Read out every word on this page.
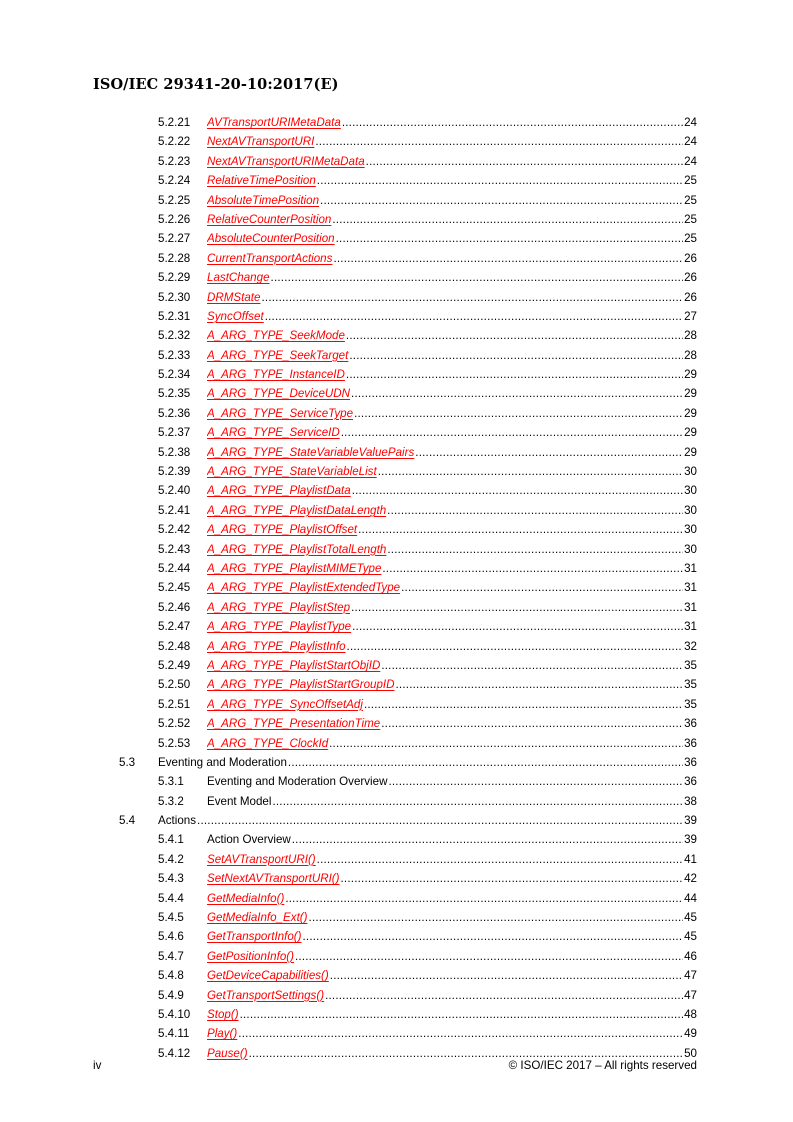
ISO/IEC 29341-20-10:2017(E)
5.2.21 AVTransportURIMetaData .....	24
5.2.22 NextAVTransportURI .....	24
5.2.23 NextAVTransportURIMetaData .....	24
5.2.24 RelativeTimePosition .....	25
5.2.25 AbsoluteTimePosition .....	25
5.2.26 RelativeCounterPosition .....	25
5.2.27 AbsoluteCounterPosition .....	25
5.2.28 CurrentTransportActions .....	26
5.2.29 LastChange .....	26
5.2.30 DRMState .....	26
5.2.31 SyncOffset .....	27
5.2.32 A_ARG_TYPE_SeekMode .....	28
5.2.33 A_ARG_TYPE_SeekTarget .....	28
5.2.34 A_ARG_TYPE_InstanceID .....	29
5.2.35 A_ARG_TYPE_DeviceUDN .....	29
5.2.36 A_ARG_TYPE_ServiceType .....	29
5.2.37 A_ARG_TYPE_ServiceID .....	29
5.2.38 A_ARG_TYPE_StateVariableValuePairs .....	29
5.2.39 A_ARG_TYPE_StateVariableList .....	30
5.2.40 A_ARG_TYPE_PlaylistData .....	30
5.2.41 A_ARG_TYPE_PlaylistDataLength .....	30
5.2.42 A_ARG_TYPE_PlaylistOffset .....	30
5.2.43 A_ARG_TYPE_PlaylistTotalLength .....	30
5.2.44 A_ARG_TYPE_PlaylistMIMEType .....	31
5.2.45 A_ARG_TYPE_PlaylistExtendedType .....	31
5.2.46 A_ARG_TYPE_PlaylistStep .....	31
5.2.47 A_ARG_TYPE_PlaylistType .....	31
5.2.48 A_ARG_TYPE_PlaylistInfo .....	32
5.2.49 A_ARG_TYPE_PlaylistStartObjID .....	35
5.2.50 A_ARG_TYPE_PlaylistStartGroupID .....	35
5.2.51 A_ARG_TYPE_SyncOffsetAdj .....	35
5.2.52 A_ARG_TYPE_PresentationTime .....	36
5.2.53 A_ARG_TYPE_ClockId .....	36
5.3 Eventing and Moderation .....	36
5.3.1 Eventing and Moderation Overview .....	36
5.3.2 Event Model .....	38
5.4 Actions .....	39
5.4.1 Action Overview .....	39
5.4.2 SetAVTransportURI() .....	41
5.4.3 SetNextAVTransportURI() .....	42
5.4.4 GetMediaInfo() .....	44
5.4.5 GetMediaInfo_Ext() .....	45
5.4.6 GetTransportInfo() .....	45
5.4.7 GetPositionInfo() .....	46
5.4.8 GetDeviceCapabilities() .....	47
5.4.9 GetTransportSettings() .....	47
5.4.10 Stop() .....	48
5.4.11 Play() .....	49
5.4.12 Pause() .....	50
iv	© ISO/IEC 2017 – All rights reserved
